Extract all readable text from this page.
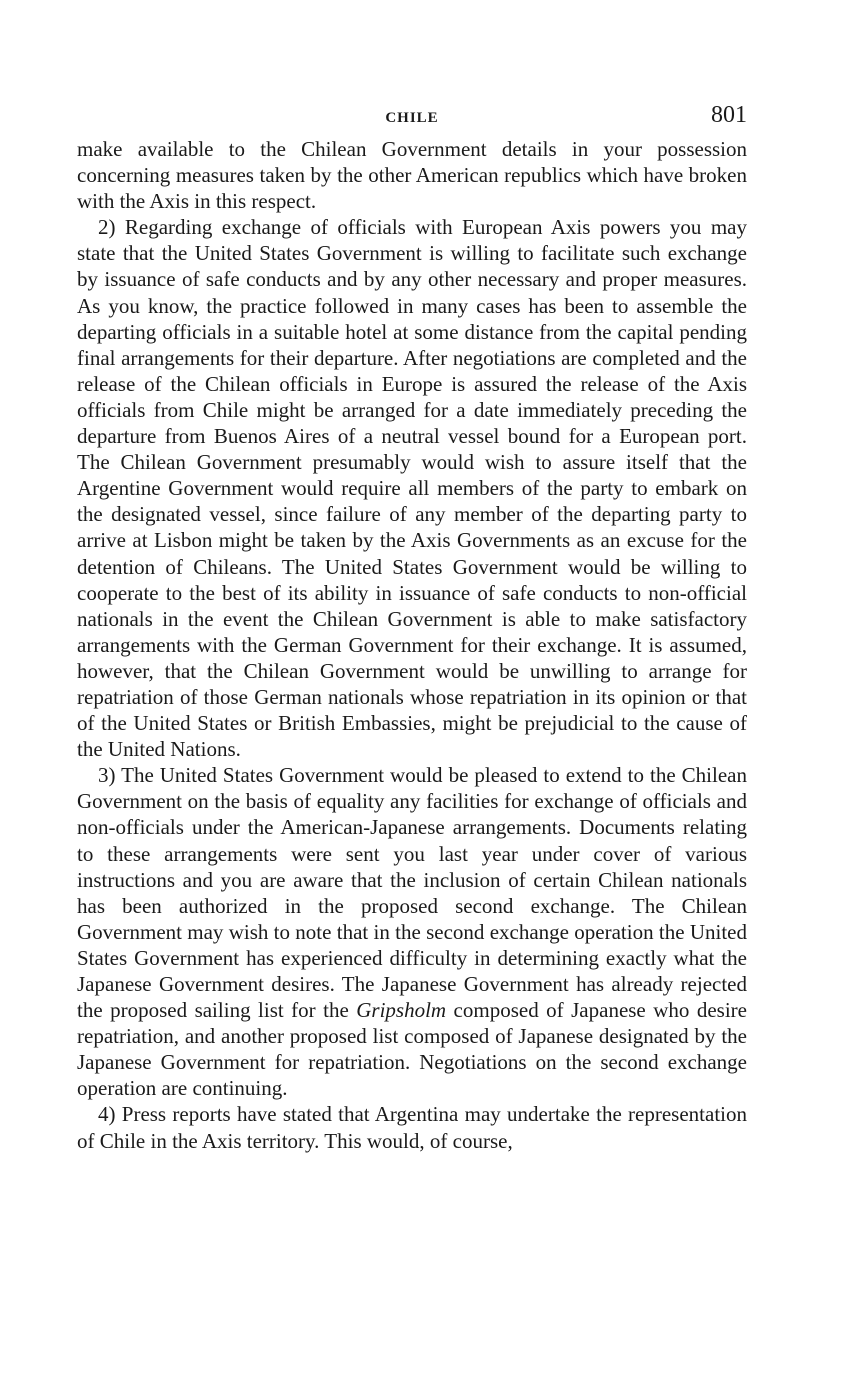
CHILE	801

make available to the Chilean Government details in your possession concerning measures taken by the other American republics which have broken with the Axis in this respect.

2) Regarding exchange of officials with European Axis powers you may state that the United States Government is willing to facilitate such exchange by issuance of safe conducts and by any other necessary and proper measures. As you know, the practice followed in many cases has been to assemble the departing officials in a suitable hotel at some distance from the capital pending final arrangements for their departure. After negotiations are completed and the release of the Chilean officials in Europe is assured the release of the Axis officials from Chile might be arranged for a date immediately preceding the departure from Buenos Aires of a neutral vessel bound for a European port. The Chilean Government presumably would wish to assure itself that the Argentine Government would require all members of the party to embark on the designated vessel, since failure of any member of the departing party to arrive at Lisbon might be taken by the Axis Governments as an excuse for the detention of Chileans. The United States Government would be willing to cooperate to the best of its ability in issuance of safe conducts to non-official nationals in the event the Chilean Government is able to make satisfactory arrangements with the German Government for their exchange. It is assumed, however, that the Chilean Government would be unwilling to arrange for repatriation of those German nationals whose repatriation in its opinion or that of the United States or British Embassies, might be prejudicial to the cause of the United Nations.

3) The United States Government would be pleased to extend to the Chilean Government on the basis of equality any facilities for exchange of officials and non-officials under the American-Japanese arrangements. Documents relating to these arrangements were sent you last year under cover of various instructions and you are aware that the inclusion of certain Chilean nationals has been authorized in the proposed second exchange. The Chilean Government may wish to note that in the second exchange operation the United States Government has experienced difficulty in determining exactly what the Japanese Government desires. The Japanese Government has already rejected the proposed sailing list for the Gripsholm composed of Japanese who desire repatriation, and another proposed list composed of Japanese designated by the Japanese Government for repatriation. Negotiations on the second exchange operation are continuing.

4) Press reports have stated that Argentina may undertake the representation of Chile in the Axis territory. This would, of course,
